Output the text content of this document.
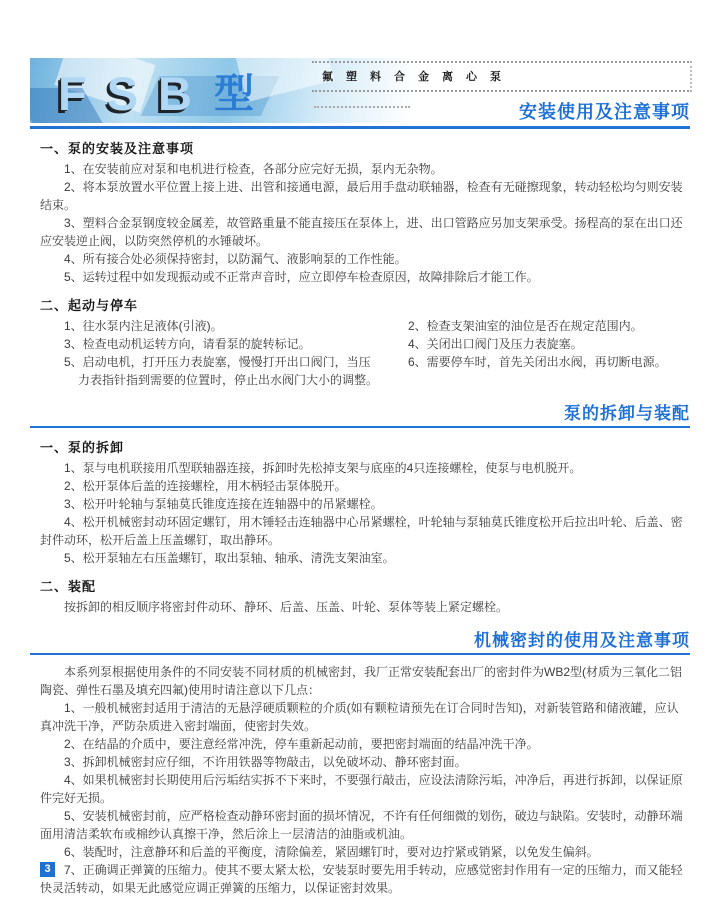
FSB型	氟塑料合金离心泵
安装使用及注意事项
一、泵的安装及注意事项
1、在安装前应对泵和电机进行检查，各部分应完好无损，泵内无杂物。
2、将本泵放置水平位置上接上进、出管和接通电源，最后用手盘动联轴器，检查有无碰擦现象，转动轻松均匀则安装结束。
3、塑料合金泵钢度较金属差，故管路重量不能直接压在泵体上，进、出口管路应另加支架承受。扬程高的泵在出口还应安装逆止阀，以防突然停机的水锤破坏。
4、所有接合处必须保持密封，以防漏气、液影响泵的工作性能。
5、运转过程中如发现振动或不正常声音时，应立即停车检查原因，故障排除后才能工作。
二、起动与停车
1、往水泵内注足液体(引液)。	2、检查支架油室的油位是否在规定范围内。
3、检查电动机运转方向，请看泵的旋转标记。	4、关闭出口阀门及压力表旋塞。
5、启动电机，打开压力表旋塞，慢慢打开出口阀门，当压力表指针指到需要的位置时，停止出水阀门大小的调整。
6、需要停车时，首先关闭出水阀，再切断电源。
泵的拆卸与装配
一、泵的拆卸
1、泵与电机联接用爪型联轴器连接，拆卸时先松掉支架与底座的4只连接螺栓，使泵与电机脱开。
2、松开泵体后盖的连接螺栓，用木柄轻击泵体脱开。
3、松开叶轮轴与泵轴莫氏锥度连接在连轴器中的吊紧螺栓。
4、松开机械密封动环固定螺钉，用木锤轻击连轴器中心吊紧螺栓，叶轮轴与泵轴莫氏锥度松开后拉出叶轮、后盖、密封件动环，松开后盖上压盖螺钉，取出静环。
5、松开泵轴左右压盖螺钉，取出泵轴、轴承、清洗支架油室。
二、装配
按拆卸的相反顺序将密封件动环、静环、后盖、压盖、叶轮、泵体等装上紧定螺栓。
机械密封的使用及注意事项
本系列泵根据使用条件的不同安装不同材质的机械密封，我厂正常安装配套出厂的密封件为WB2型(材质为三氧化二铝陶瓷、弹性石墨及填充四氟)使用时请注意以下几点：
1、一般机械密封适用于清洁的无悬浮硬质颗粒的介质(如有颗粒请预先在订合同时告知)，对新装管路和储液罐，应认真冲洗干净，严防杂质进入密封端面，使密封失效。
2、在结晶的介质中，要注意经常冲洗，停车重新起动前，要把密封端面的结晶冲洗干净。
3、拆卸机械密封应仔细，不许用铁器等物敲击，以免破坏动、静环密封面。
4、如果机械密封长期使用后污垢结实拆不下来时，不要强行敲击，应设法清除污垢，冲净后，再进行拆卸，以保证原件完好无损。
5、安装机械密封前，应严格检查动静环密封面的损坏情况，不许有任何细微的划伤，破边与缺陷。安装时，动静环端面用清洁柔软布或棉纱认真擦干净，然后涂上一层清洁的油脂或机油。
6、装配时，注意静环和后盖的平衡度，清除偏差，紧固螺钉时，要对边拧紧或销紧，以免发生偏斜。
7、正确调正弹簧的压缩力。使其不要太紧太松，安装泵时要先用手转动，应感觉密封作用有一定的压缩力，而又能轻快灵活转动，如果无此感觉应调正弹簧的压缩力，以保证密封效果。
3
